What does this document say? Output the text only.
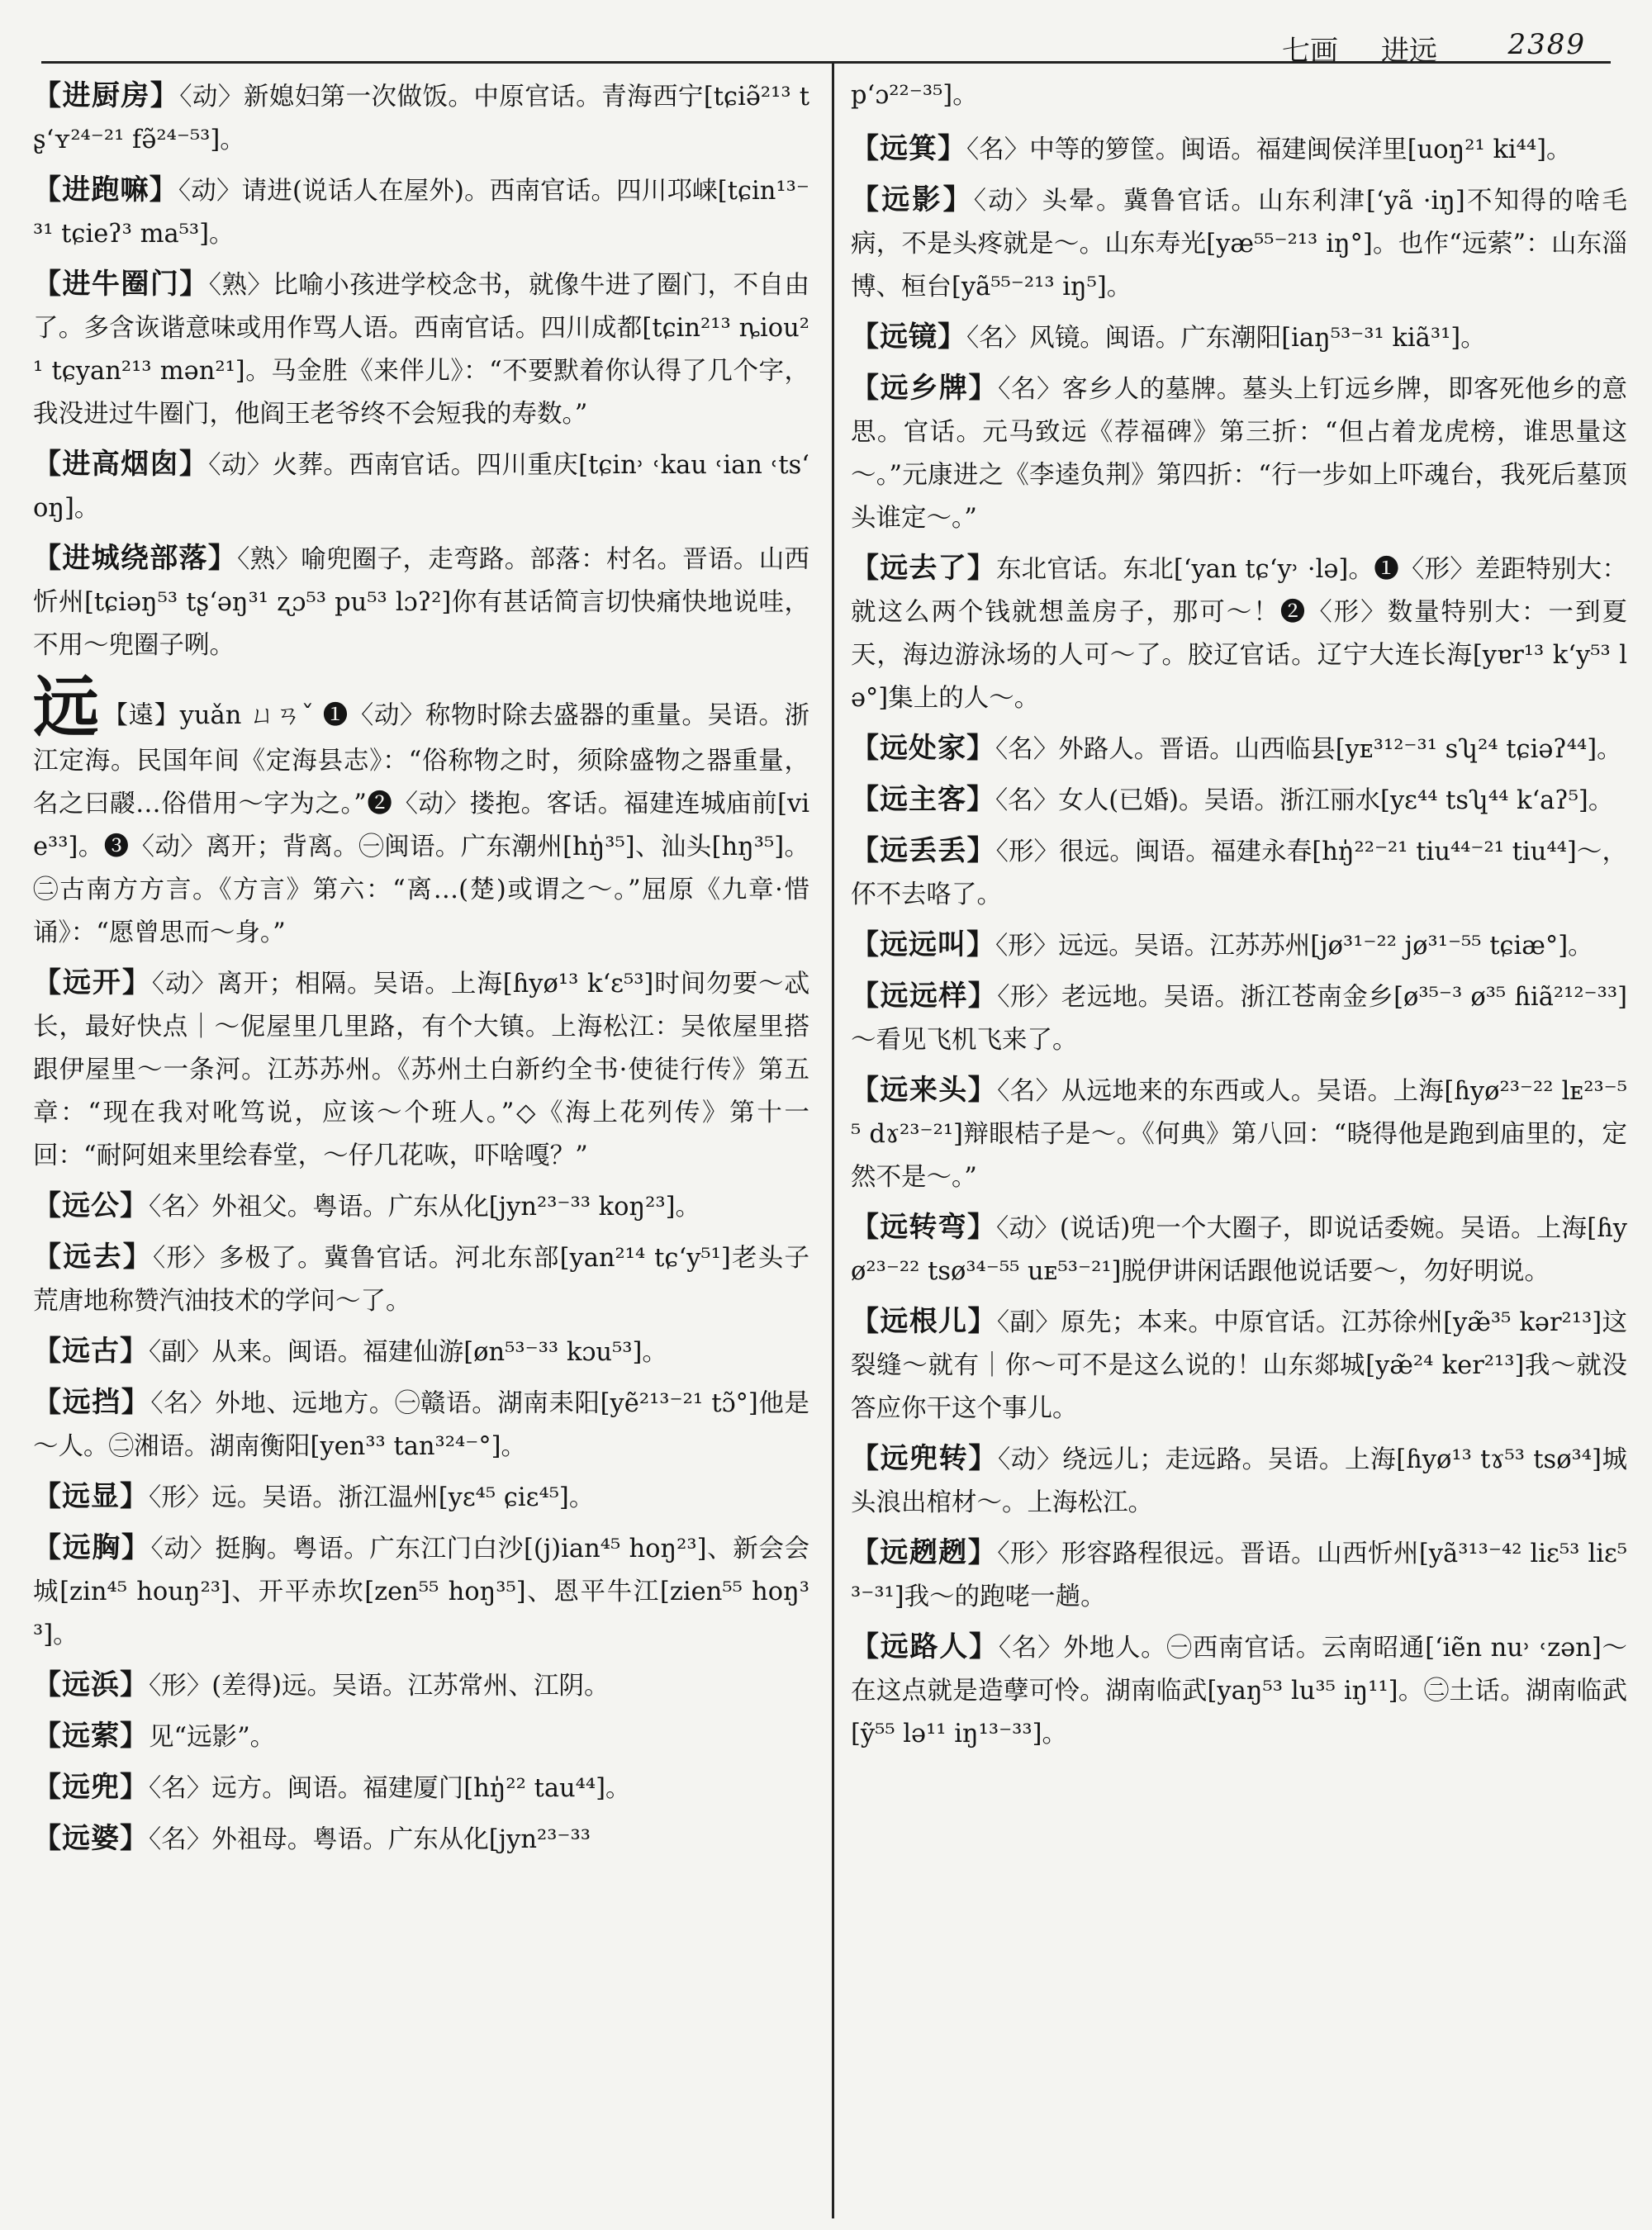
七画 进远	2389
【进厨房】〈动〉新媳妇第一次做饭。中原官话。青海西宁[tɕiə̃²¹³ tʂʻʏ²⁴⁻²¹ fə̃²⁴⁻⁵³]。
【进跑嘛】〈动〉请进(说话人在屋外)。西南官话。四川邛崃[tɕin¹³⁻³¹ tɕieʔ³ ma⁵³]。
【进牛圈门】〈熟〉比喻小孩进学校念书，就像牛进了圈门，不自由了。多含诙谐意味或用作骂人语。西南官话。四川成都[tɕin²¹³ ȵiou²¹ tɕyan²¹³ mən²¹]。马金胜《来伴儿》：“不要默着你认得了几个字，我没进过牛圈门，他阎王老爷终不会短我的寿数。”
【进高烟囱】〈动〉火葬。西南官话。四川重庆[tɕin˒ ˓kau ˓ian ˓tsʻoŋ]。
【进城绕部落】〈熟〉喻兜圈子，走弯路。部落：村名。晋语。山西忻州[tɕiəŋ⁵³ tʂʻəŋ³¹ ʐɔ⁵³ pu⁵³ lɔʔ²]你有甚话简言切快痛快地说哇，不用～兜圈子咧。
远 【遠】yuǎn ㄩㄢˇ ❶〈动〉称物时除去盛器的重量。吴语。浙江定海。民国年间《定海县志》：“俗称物之时，须除盛物之器重量，名之曰鬷…俗借用～字为之。”❷〈动〉搂抱。客话。福建连城庙前[vie³³]。❸〈动〉离开；背离。㊀闽语。广东潮州[hŋ̍³⁵]、汕头[hŋ³⁵]。㊁古南方方言。《方言》第六：“离…(楚)或谓之～。”屈原《九章·惜诵》：“愿曾思而～身。”
【远开】〈动〉离开；相隔。吴语。上海[ɦyø¹³ kʻɛ⁵³]时间勿要～忒长，最好快点｜～伲屋里几里路，有个大镇。上海松江：吴侬屋里搭跟伊屋里～一条河。江苏苏州。《苏州土白新约全书·使徒行传》第五章：“现在我对吪笃说，应该～个班人。”◇《海上花列传》第十一回：“耐阿姐来里绘春堂，～仔几花咴，吓啥嘎？”
【远公】〈名〉外祖父。粤语。广东从化[jyn²³⁻³³ koŋ²³]。
【远去】〈形〉多极了。冀鲁官话。河北东部[yan²¹⁴ tɕʻy⁵¹]老头子荒唐地称赞汽油技术的学问～了。
【远古】〈副〉从来。闽语。福建仙游[øn⁵³⁻³³ kɔu⁵³]。
【远挡】〈名〉外地、远地方。㊀赣语。湖南耒阳[yẽ²¹³⁻²¹ tɔ̃°]他是～人。㊁湘语。湖南衡阳[yen³³ tan³²⁴⁻°]。
【远显】〈形〉远。吴语。浙江温州[yɛ⁴⁵ ɕiɛ⁴⁵]。
【远胸】〈动〉挺胸。粤语。广东江门白沙[(j)ian⁴⁵ hoŋ²³]、新会会城[zin⁴⁵ houŋ²³]、开平赤坎[zen⁵⁵ hoŋ³⁵]、恩平牛江[zien⁵⁵ hoŋ³³]。
【远浜】〈形〉(差得)远。吴语。江苏常州、江阴。
【远萦】见“远影”。
【远兜】〈名〉远方。闽语。福建厦门[hŋ̍²² tau⁴⁴]。
【远婆】〈名〉外祖母。粤语。广东从化[jyn²³⁻³³
pʻɔ²²⁻³⁵]。
【远箕】〈名〉中等的箩筐。闽语。福建闽侯洋里[uoŋ²¹ ki⁴⁴]。
【远影】〈动〉头晕。冀鲁官话。山东利津[ʻyã ·iŋ]不知得的啥毛病，不是头疼就是～。山东寿光[yæ⁵⁵⁻²¹³ iŋ°]。也作“远萦”：山东淄博、桓台[yã⁵⁵⁻²¹³ iŋ⁵]。
【远镜】〈名〉风镜。闽语。广东潮阳[iaŋ⁵³⁻³¹ kiã³¹]。
【远乡牌】〈名〉客乡人的墓牌。墓头上钉远乡牌，即客死他乡的意思。官话。元马致远《荐福碑》第三折：“但占着龙虎榜，谁思量这～。”元康进之《李逵负荆》第四折：“行一步如上吓魂台，我死后墓顶头谁定～。”
【远去了】东北官话。东北[ʻyan tɕʻy˒ ·lə]。❶〈形〉差距特别大：就这么两个钱就想盖房子，那可～！❷〈形〉数量特别大：一到夏天，海边游泳场的人可～了。胶辽官话。辽宁大连长海[yɐr¹³ kʻy⁵³ lə°]集上的人～。
【远处家】〈名〉外路人。晋语。山西临县[yᴇ³¹²⁻³¹ sʮ²⁴ tɕiəʔ⁴⁴]。
【远主客】〈名〉女人(已婚)。吴语。浙江丽水[yɛ⁴⁴ tsʮ⁴⁴ kʻaʔ⁵]。
【远丢丢】〈形〉很远。闽语。福建永春[hŋ̍²²⁻²¹ tiu⁴⁴⁻²¹ tiu⁴⁴]～，伓不去咯了。
【远远叫】〈形〉远远。吴语。江苏苏州[jø³¹⁻²² jø³¹⁻⁵⁵ tɕiæ°]。
【远远样】〈形〉老远地。吴语。浙江苍南金乡[ø³⁵⁻³ ø³⁵ ɦiã²¹²⁻³³]～看见飞机飞来了。
【远来头】〈名〉从远地来的东西或人。吴语。上海[ɦyø²³⁻²² lᴇ²³⁻⁵⁵ dɤ²³⁻²¹]辩眼桔子是～。《何典》第八回：“晓得他是跑到庙里的，定然不是～。”
【远转弯】〈动〉(说话)兜一个大圈子，即说话委婉。吴语。上海[ɦyø²³⁻²² tsø³⁴⁻⁵⁵ uᴇ⁵³⁻²¹]脱伊讲闲话跟他说话要～，勿好明说。
【远根儿】〈副〉原先；本来。中原官话。江苏徐州[yæ̃³⁵ kər²¹³]这裂缝～就有｜你～可不是这么说的！山东郯城[yæ̃²⁴ ker²¹³]我～就没答应你干这个事儿。
【远兜转】〈动〉绕远儿；走远路。吴语。上海[ɦyø¹³ tɤ⁵³ tsø³⁴]城头浪出棺材～。上海松江。
【远趔趔】〈形〉形容路程很远。晋语。山西忻州[yã³¹³⁻⁴² liɛ⁵³ liɛ⁵³⁻³¹]我～的跑咾一趟。
【远路人】〈名〉外地人。㊀西南官话。云南昭通[ʻiẽn nu˒ ˓zən]～在这点就是造孽可怜。湖南临武[yaŋ⁵³ lu³⁵ iŋ¹¹]。㊁土话。湖南临武[ỹ⁵⁵ lə¹¹ iŋ¹³⁻³³]。
